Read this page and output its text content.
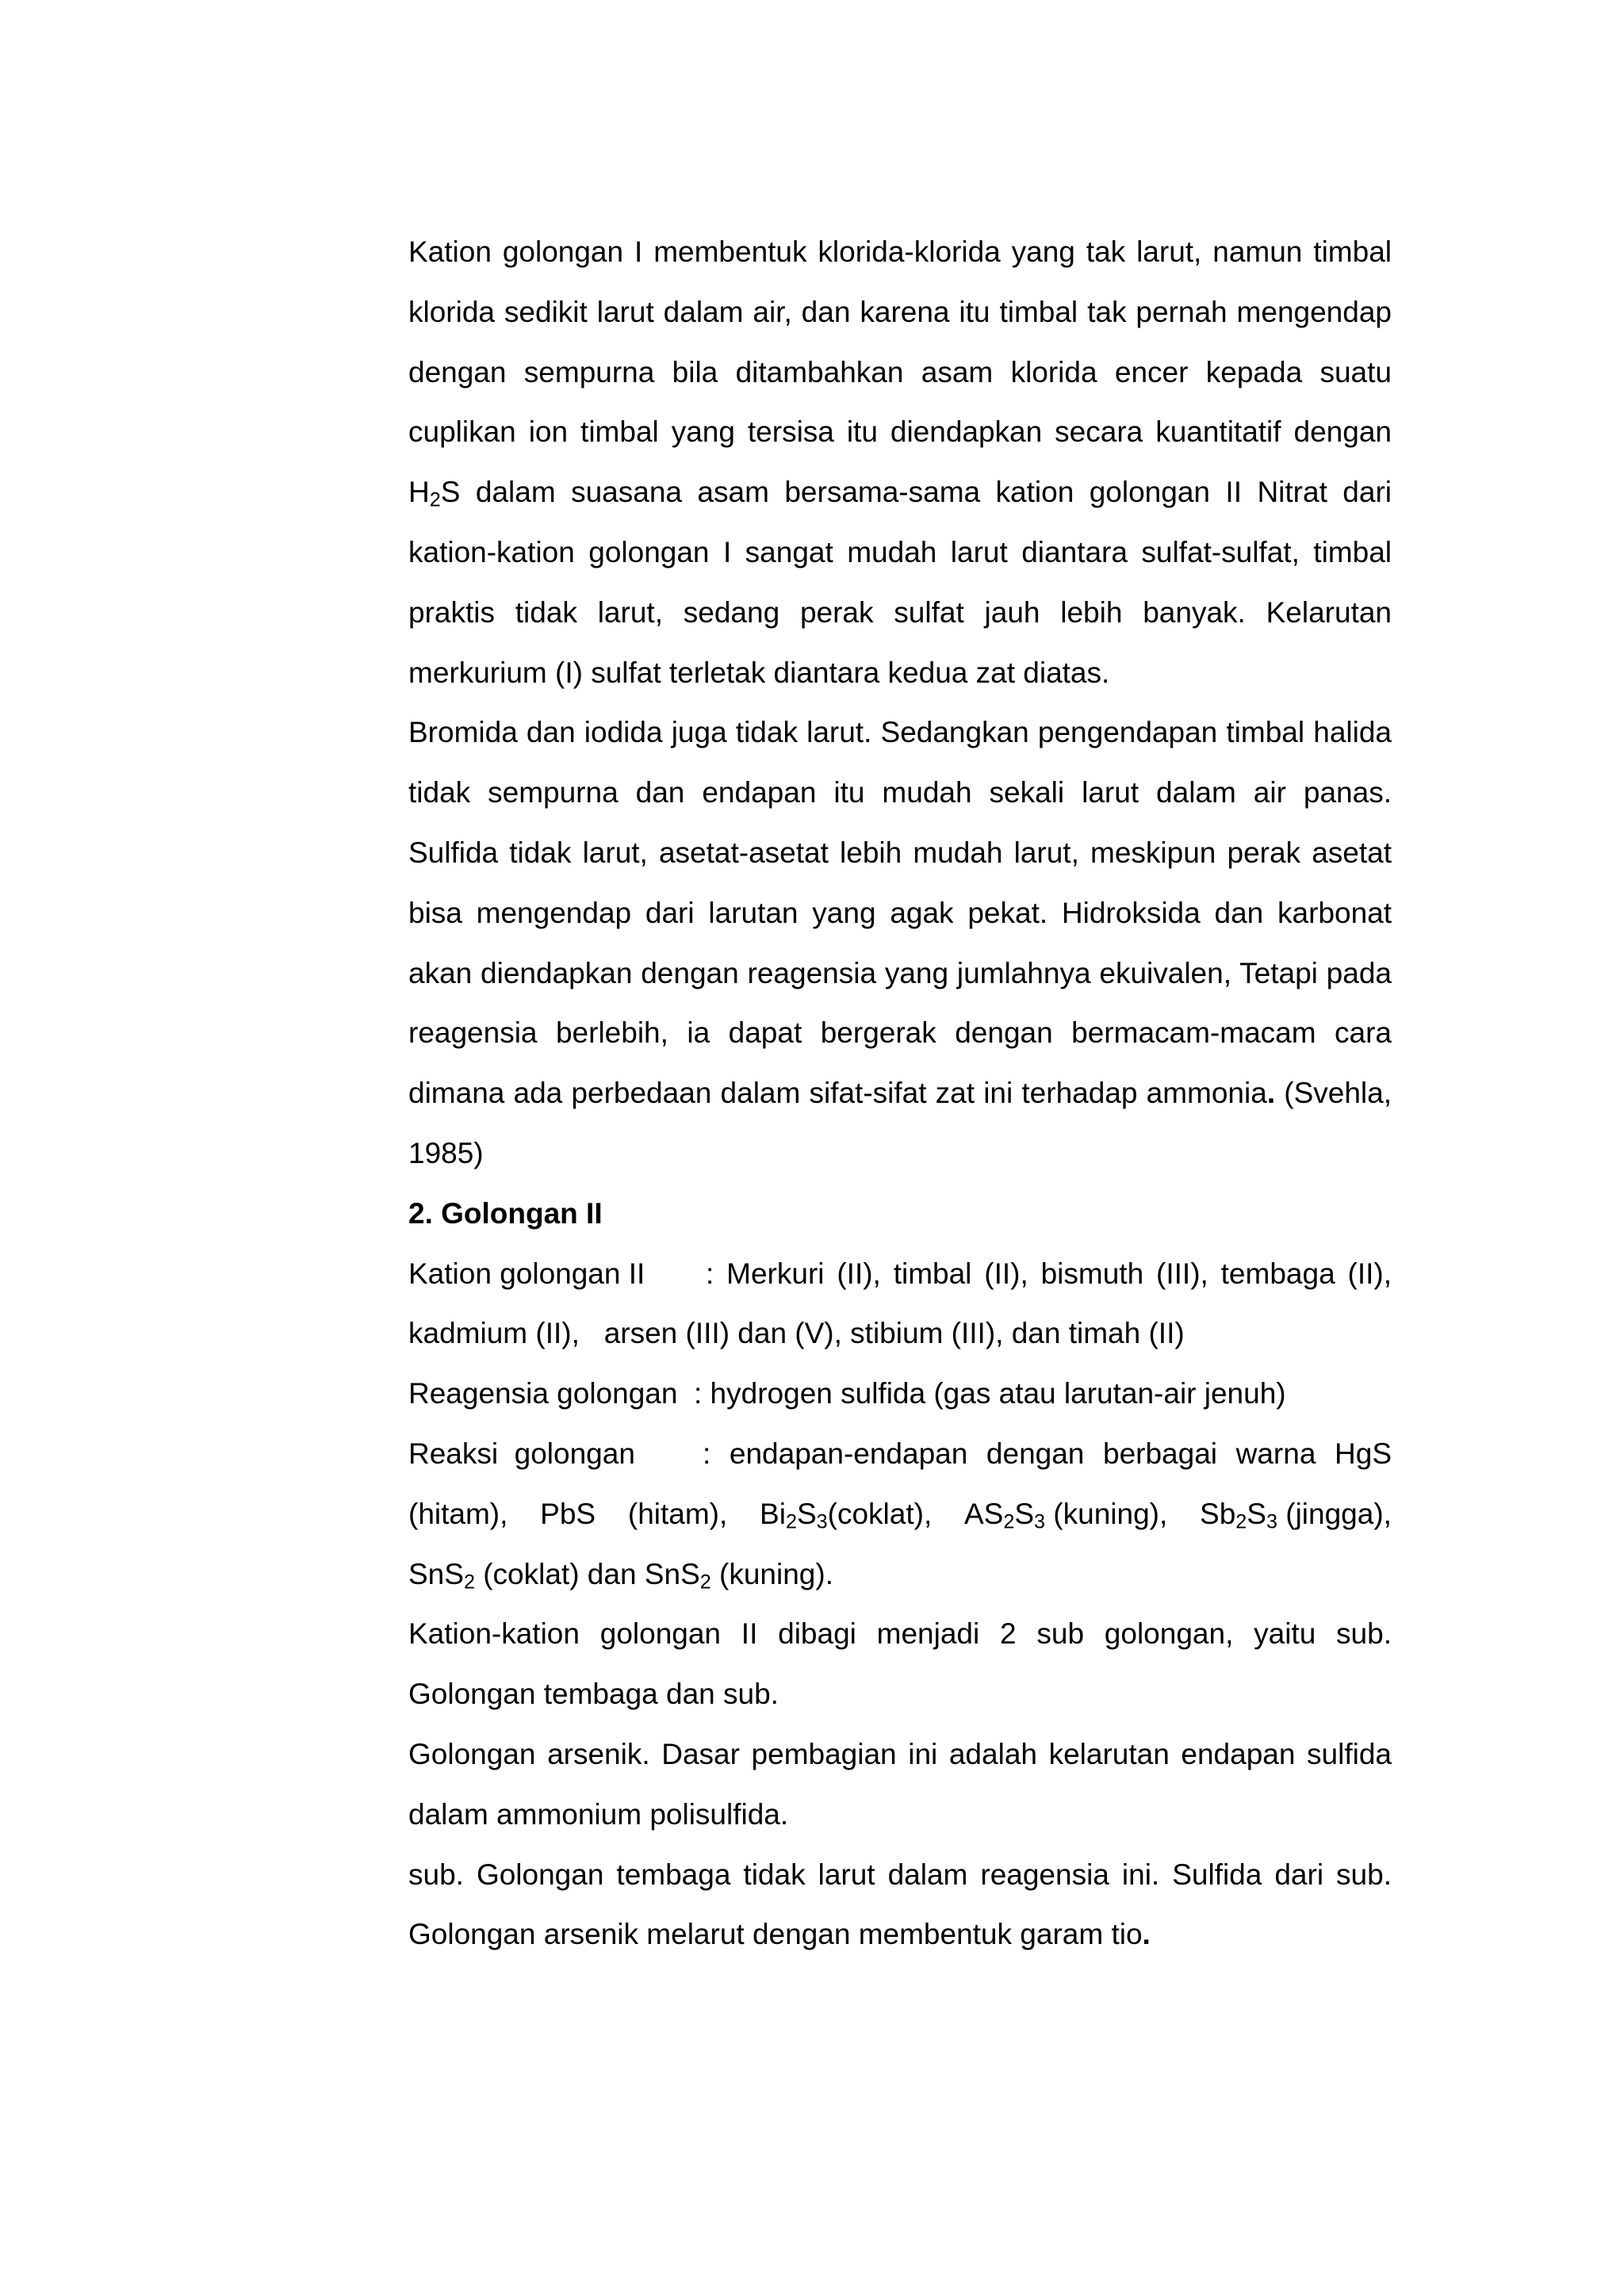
Kation golongan I membentuk klorida-klorida yang tak larut, namun timbal klorida sedikit larut dalam air, dan karena itu timbal tak pernah mengendap dengan sempurna bila ditambahkan asam klorida encer kepada suatu cuplikan ion timbal yang tersisa itu diendapkan secara kuantitatif dengan $H_2S$ dalam suasana asam bersama-sama kation golongan II Nitrat dari kation-kation golongan I sangat mudah larut diantara sulfat-sulfat, timbal praktis tidak larut, sedang perak sulfat jauh lebih banyak. Kelarutan merkurium (I) sulfat terletak diantara kedua zat diatas.

Bromida dan iodida juga tidak larut. Sedangkan pengendapan timbal halida tidak sempurna dan endapan itu mudah sekali larut dalam air panas. Sulfida tidak larut, asetat-asetat lebih mudah larut, meskipun perak asetat bisa mengendap dari larutan yang agak pekat. Hidroksida dan karbonat akan diendapkan dengan reagensia yang jumlahnya ekuivalen, Tetapi pada reagensia berlebih, ia dapat bergerak dengan bermacam-macam cara dimana ada perbedaan dalam sifat-sifat zat ini terhadap ammonia. (Svehla, 1985)

2. Golongan II

Kation golongan II	: Merkuri (II), timbal (II), bismuth (III), tembaga (II),

kadmium (II),   arsen (III) dan (V), stibium (III), dan timah (II)

Reagensia golongan : hydrogen sulfida (gas atau larutan-air jenuh)
Reaksi  golongan	: endapan-endapan dengan berbagai warna HgS
(hitam), PbS (hitam), $Bi_2S_3(coklat)$, $AS_2S_3$ (kuning), $Sb_2S_3$ (jingga),

SnS$_2$ (coklat) dan SnS$_2$ (kuning).

Kation-kation golongan II dibagi menjadi 2 sub golongan, yaitu sub. Golongan tembaga dan sub.

Golongan arsenik. Dasar pembagian ini adalah kelarutan endapan sulfida dalam ammonium polisulfida.

sub. Golongan tembaga tidak larut dalam reagensia ini. Sulfida dari sub. Golongan arsenik melarut dengan membentuk garam tio.
